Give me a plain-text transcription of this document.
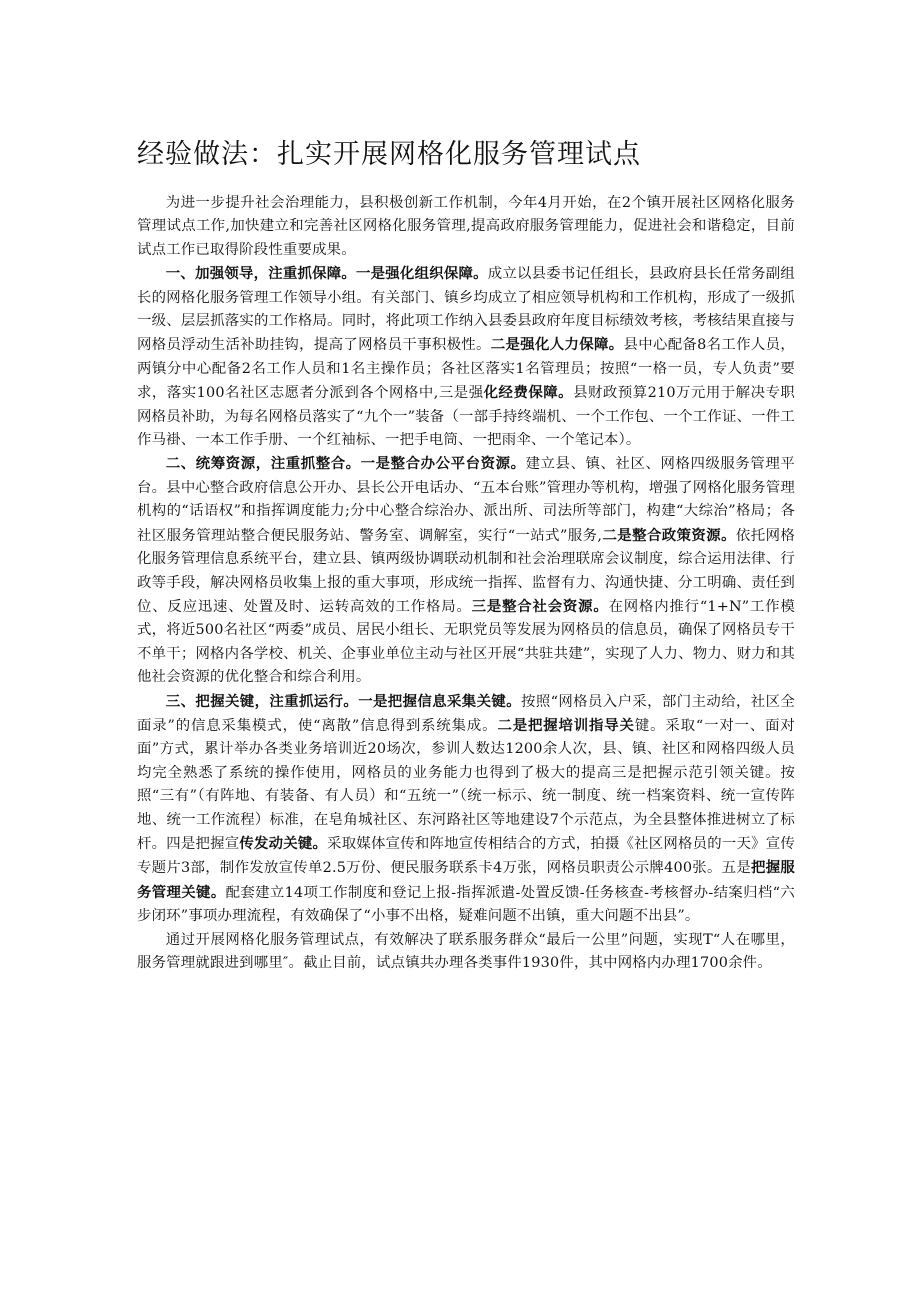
经验做法：扎实开展网格化服务管理试点

为进一步提升社会治理能力，县积极创新工作机制，今年4月开始，在2个镇开展社区网格化服务管理试点工作,加快建立和完善社区网格化服务管理,提高政府服务管理能力，促进社会和谐稳定，目前试点工作已取得阶段性重要成果。

一、加强领导，注重抓保障。一是强化组织保障。成立以县委书记任组长，县政府县长任常务副组长的网格化服务管理工作领导小组。有关部门、镇乡均成立了相应领导机构和工作机构，形成了一级抓一级、层层抓落实的工作格局。同时，将此项工作纳入县委县政府年度目标绩效考核，考核结果直接与网格员浮动生活补助挂钩，提高了网格员干事积极性。二是强化人力保障。县中心配备8名工作人员，两镇分中心配备2名工作人员和1名主操作员；各社区落实1名管理员；按照“一格一员，专人负责”要求，落实100名社区志愿者分派到各个网格中,三是强化经费保障。县财政预算210万元用于解决专职网格员补助，为每名网格员落实了“九个一”装备（一部手持终端机、一个工作包、一个工作证、一件工作马褂、一本工作手册、一个红袖标、一把手电筒、一把雨伞、一个笔记本）。

二、统筹资源，注重抓整合。一是整合办公平台资源。建立县、镇、社区、网格四级服务管理平台。县中心整合政府信息公开办、县长公开电话办、“五本台账”管理办等机构，增强了网格化服务管理机构的“话语权”和指挥调度能力;分中心整合综治办、派出所、司法所等部门，构建“大综治”格局；各社区服务管理站整合便民服务站、警务室、调解室，实行“一站式”服务,二是整合政策资源。依托网格化服务管理信息系统平台，建立县、镇两级协调联动机制和社会治理联席会议制度，综合运用法律、行政等手段，解决网格员收集上报的重大事项，形成统一指挥、监督有力、沟通快捷、分工明确、责任到位、反应迅速、处置及时、运转高效的工作格局。三是整合社会资源。在网格内推行“1+N”工作模式，将近500名社区“两委”成员、居民小组长、无职党员等发展为网格员的信息员，确保了网格员专干不单干；网格内各学校、机关、企事业单位主动与社区开展“共驻共建”，实现了人力、物力、财力和其他社会资源的优化整合和综合利用。

三、把握关键，注重抓运行。一是把握信息采集关键。按照“网格员入户采，部门主动给，社区全面录”的信息采集模式，使“离散”信息得到系统集成。二是把握培训指导关键。采取“一对一、面对面”方式，累计举办各类业务培训近20场次，参训人数达1200余人次，县、镇、社区和网格四级人员均完全熟悉了系统的操作使用，网格员的业务能力也得到了极大的提高三是把握示范引领关键。按照“三有”（有阵地、有装备、有人员）和“五统一”（统一标示、统一制度、统一档案资料、统一宣传阵地、统一工作流程）标准，在皂角城社区、东河路社区等地建设7个示范点，为全县整体推进树立了标杆。四是把握宣传发动关键。采取媒体宣传和阵地宣传相结合的方式，拍摄《社区网格员的一天》宣传专题片3部，制作发放宣传单2.5万份、便民服务联系卡4万张，网格员职责公示牌400张。五是把握服务管理关键。配套建立14项工作制度和登记上报-指挥派遣-处置反馈-任务核查-考核督办-结案归档“六步闭环”事项办理流程，有效确保了“小事不出格，疑难问题不出镇，重大问题不出县”。

通过开展网格化服务管理试点，有效解决了联系服务群众“最后一公里”问题，实现T“人在哪里，服务管理就跟进到哪里″。截止目前，试点镇共办理各类事件1930件，其中网格内办理1700余件。
